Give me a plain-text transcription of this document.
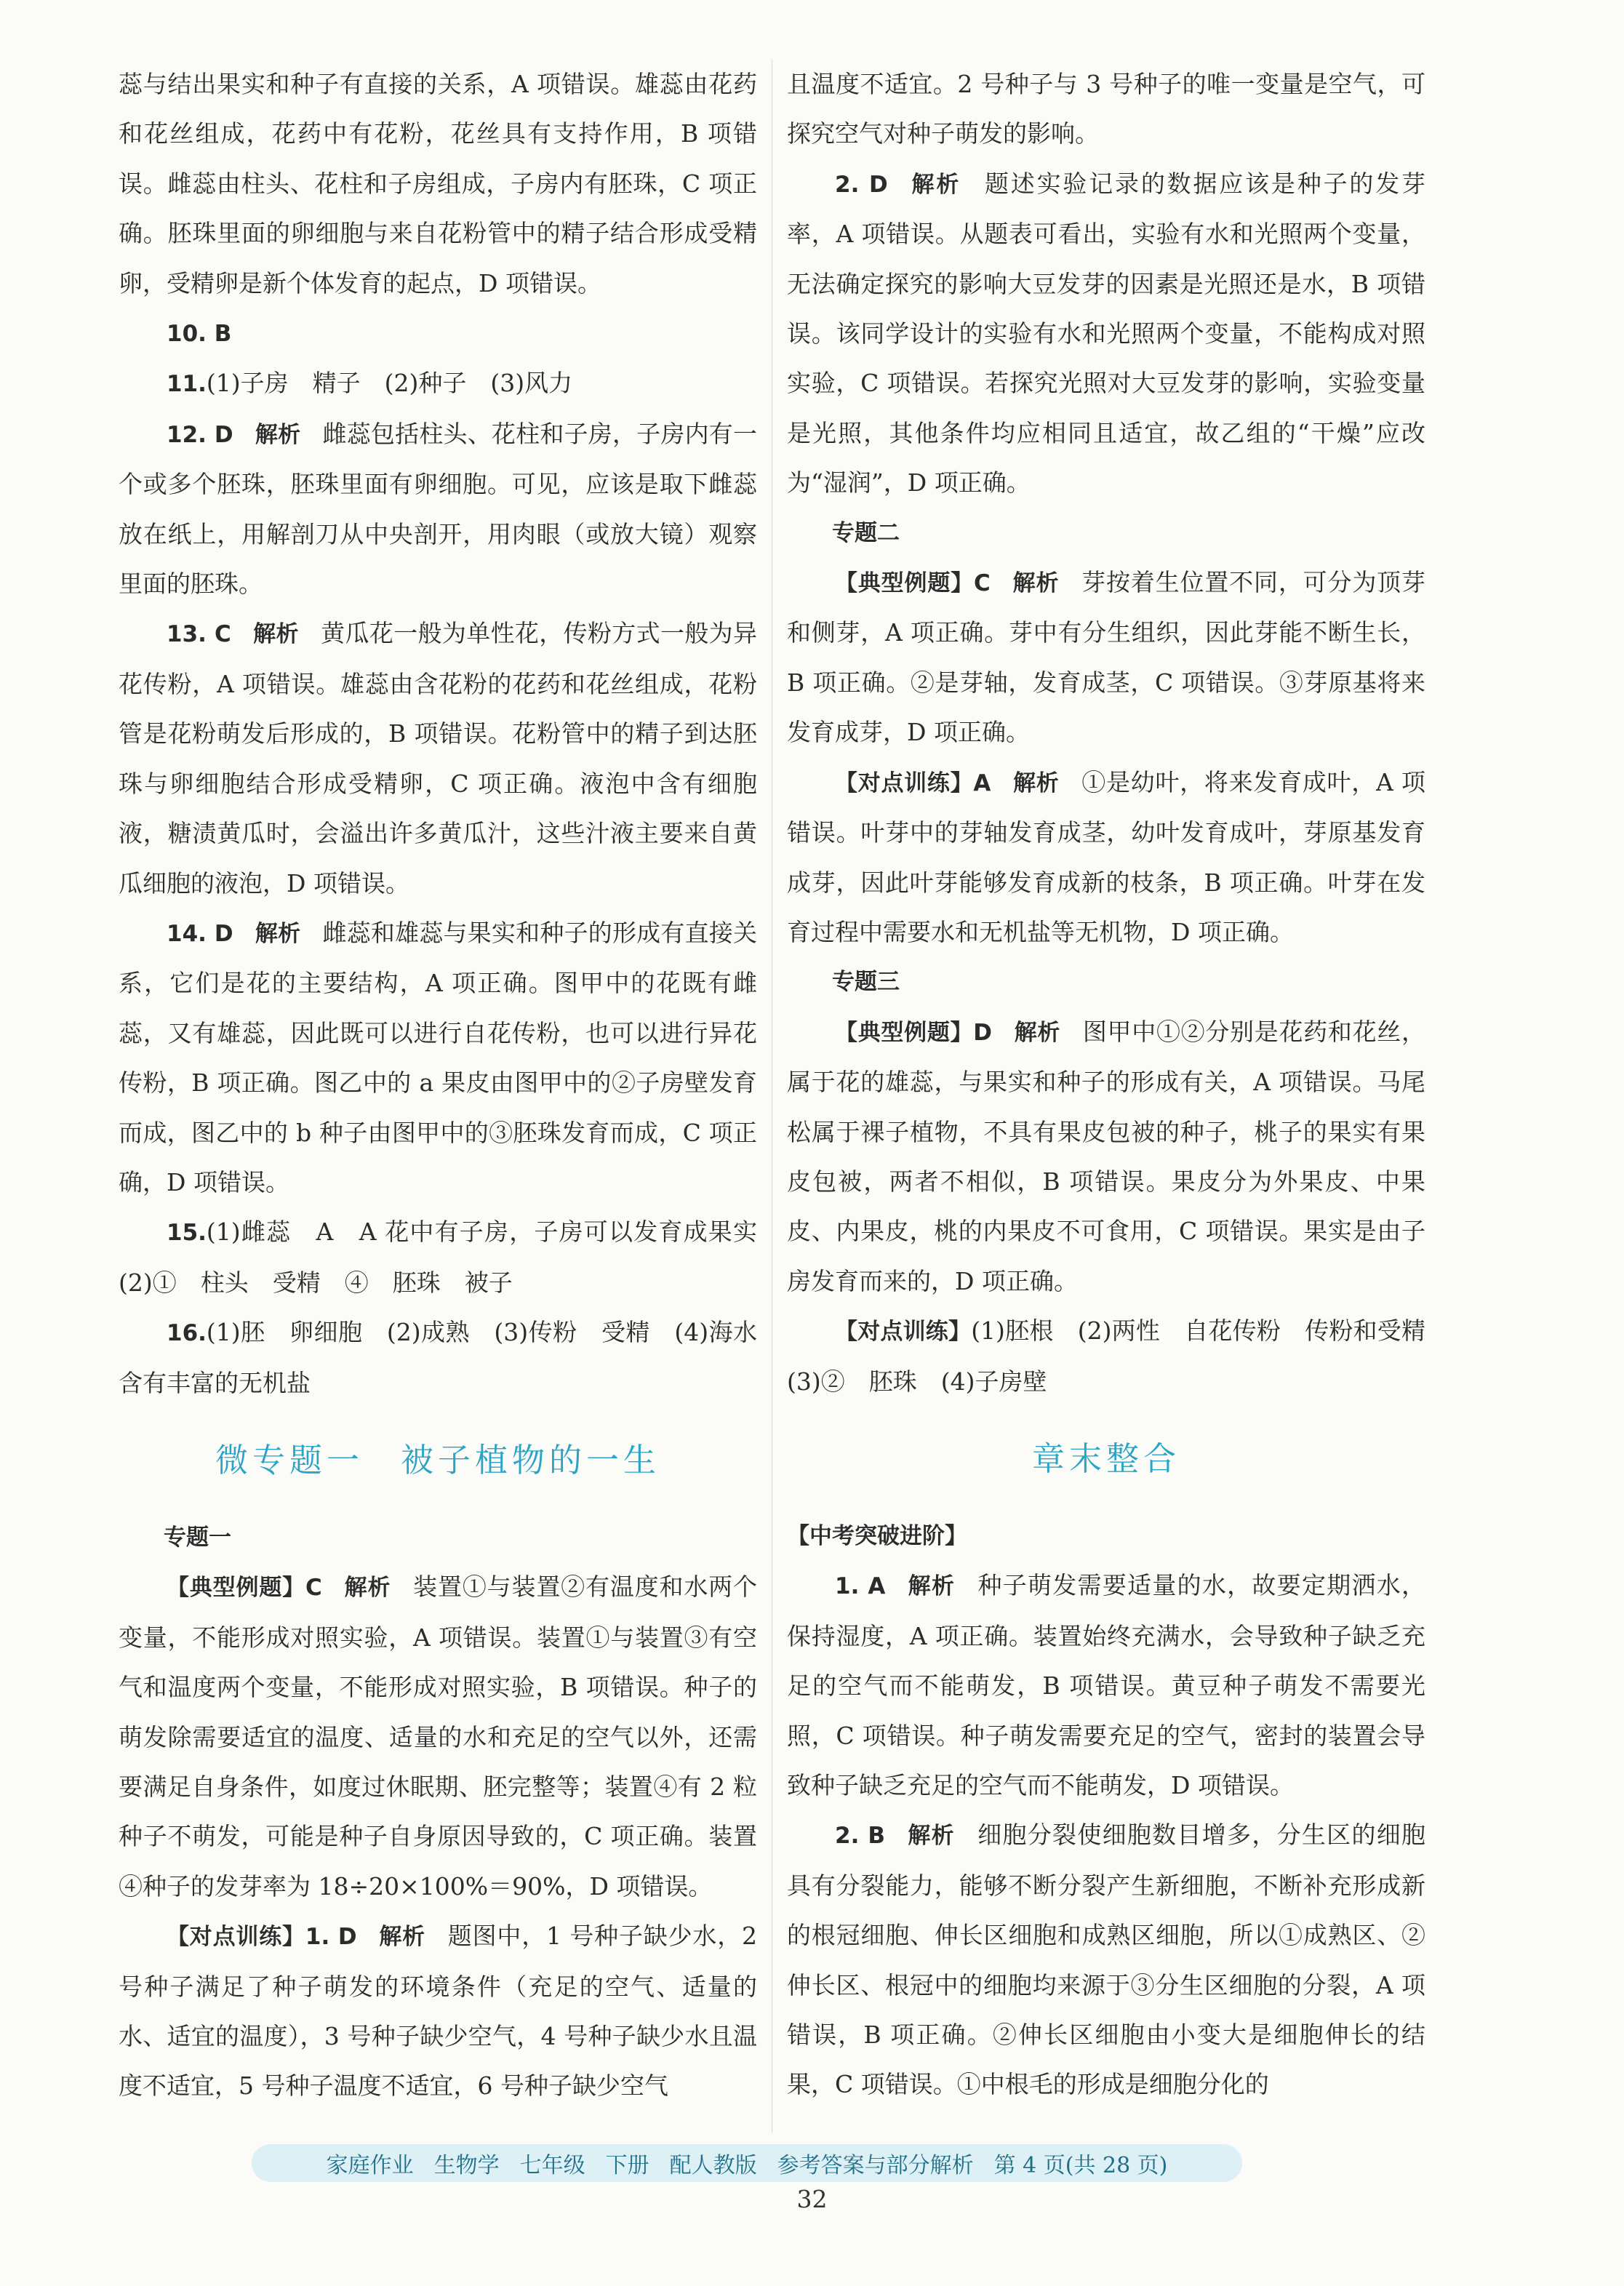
蕊与结出果实和种子有直接的关系，A 项错误。雄蕊由花药和花丝组成，花药中有花粉，花丝具有支持作用，B 项错误。雌蕊由柱头、花柱和子房组成，子房内有胚珠，C 项正确。胚珠里面的卵细胞与来自花粉管中的精子结合形成受精卵，受精卵是新个体发育的起点，D 项错误。

10. B

11.(1)子房　精子　(2)种子　(3)风力

12. D 解析 雌蕊包括柱头、花柱和子房，子房内有一个或多个胚珠，胚珠里面有卵细胞。可见，应该是取下雌蕊放在纸上，用解剖刀从中央剖开，用肉眼（或放大镜）观察里面的胚珠。

13. C 解析 黄瓜花一般为单性花，传粉方式一般为异花传粉，A 项错误。雄蕊由含花粉的花药和花丝组成，花粉管是花粉萌发后形成的，B 项错误。花粉管中的精子到达胚珠与卵细胞结合形成受精卵，C 项正确。液泡中含有细胞液，糖渍黄瓜时，会溢出许多黄瓜汁，这些汁液主要来自黄瓜细胞的液泡，D 项错误。

14. D 解析 雌蕊和雄蕊与果实和种子的形成有直接关系，它们是花的主要结构，A 项正确。图甲中的花既有雌蕊，又有雄蕊，因此既可以进行自花传粉，也可以进行异花传粉，B 项正确。图乙中的 a 果皮由图甲中的②子房壁发育而成，图乙中的 b 种子由图甲中的③胚珠发育而成，C 项正确，D 项错误。

15.(1)雌蕊　A　A 花中有子房，子房可以发育成果实　(2)①　柱头　受精　④　胚珠　被子

16.(1)胚　卵细胞　(2)成熟　(3)传粉　受精　(4)海水含有丰富的无机盐

微专题一　被子植物的一生

专题一

【典型例题】C 解析 装置①与装置②有温度和水两个变量，不能形成对照实验，A 项错误。装置①与装置③有空气和温度两个变量，不能形成对照实验，B 项错误。种子的萌发除需要适宜的温度、适量的水和充足的空气以外，还需要满足自身条件，如度过休眠期、胚完整等；装置④有 2 粒种子不萌发，可能是种子自身原因导致的，C 项正确。装置④种子的发芽率为 18÷20×100%＝90%，D 项错误。

【对点训练】1. D 解析 题图中，1 号种子缺少水，2 号种子满足了种子萌发的环境条件（充足的空气、适量的水、适宜的温度），3 号种子缺少空气，4 号种子缺少水且温度不适宜，5 号种子温度不适宜，6 号种子缺少空气

且温度不适宜。2 号种子与 3 号种子的唯一变量是空气，可探究空气对种子萌发的影响。

2. D 解析 题述实验记录的数据应该是种子的发芽率，A 项错误。从题表可看出，实验有水和光照两个变量，无法确定探究的影响大豆发芽的因素是光照还是水，B 项错误。该同学设计的实验有水和光照两个变量，不能构成对照实验，C 项错误。若探究光照对大豆发芽的影响，实验变量是光照，其他条件均应相同且适宜，故乙组的“干燥”应改为“湿润”，D 项正确。

专题二

【典型例题】C 解析 芽按着生位置不同，可分为顶芽和侧芽，A 项正确。芽中有分生组织，因此芽能不断生长，B 项正确。②是芽轴，发育成茎，C 项错误。③芽原基将来发育成芽，D 项正确。

【对点训练】A 解析 ①是幼叶，将来发育成叶，A 项错误。叶芽中的芽轴发育成茎，幼叶发育成叶，芽原基发育成芽，因此叶芽能够发育成新的枝条，B 项正确。叶芽在发育过程中需要水和无机盐等无机物，D 项正确。

专题三

【典型例题】D 解析 图甲中①②分别是花药和花丝，属于花的雄蕊，与果实和种子的形成有关，A 项错误。马尾松属于裸子植物，不具有果皮包被的种子，桃子的果实有果皮包被，两者不相似，B 项错误。果皮分为外果皮、中果皮、内果皮，桃的内果皮不可食用，C 项错误。果实是由子房发育而来的，D 项正确。

【对点训练】(1)胚根　(2)两性　自花传粉　传粉和受精　(3)②　胚珠　(4)子房壁

章末整合

【中考突破进阶】

1. A 解析 种子萌发需要适量的水，故要定期洒水，保持湿度，A 项正确。装置始终充满水，会导致种子缺乏充足的空气而不能萌发，B 项错误。黄豆种子萌发不需要光照，C 项错误。种子萌发需要充足的空气，密封的装置会导致种子缺乏充足的空气而不能萌发，D 项错误。

2. B 解析 细胞分裂使细胞数目增多，分生区的细胞具有分裂能力，能够不断分裂产生新细胞，不断补充形成新的根冠细胞、伸长区细胞和成熟区细胞，所以①成熟区、②伸长区、根冠中的细胞均来源于③分生区细胞的分裂，A 项错误，B 项正确。②伸长区细胞由小变大是细胞伸长的结果，C 项错误。①中根毛的形成是细胞分化的

家庭作业 生物学 七年级 下册 配人教版 参考答案与部分解析 第 4 页(共 28 页)
32
